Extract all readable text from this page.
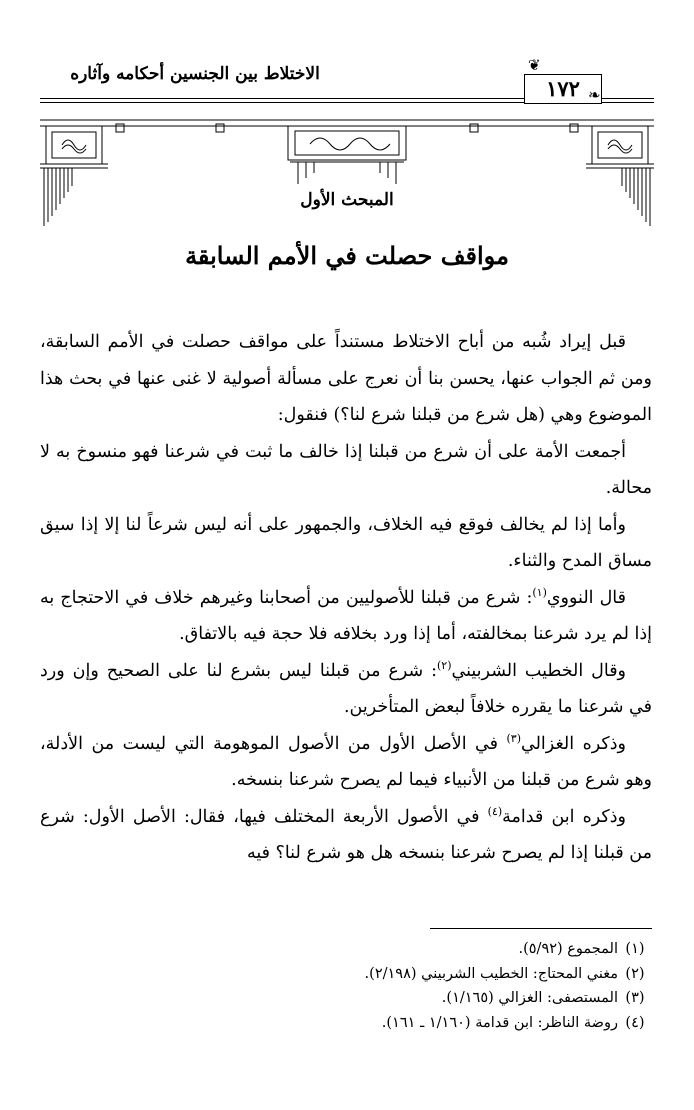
الاختلاط بين الجنسين أحكامه وآثاره	❦
١٧٢ ❧
المبحث الأول
مواقف حصلت في الأمم السابقة

قبل إيراد شُبه من أباح الاختلاط مستنداً على مواقف حصلت في الأمم السابقة، ومن ثم الجواب عنها، يحسن بنا أن نعرج على مسألة أصولية لا غنى عنها في بحث هذا الموضوع وهي (هل شرع من قبلنا شرع لنا؟) فنقول:

أجمعت الأمة على أن شرع من قبلنا إذا خالف ما ثبت في شرعنا فهو منسوخ به لا محالة.

وأما إذا لم يخالف فوقع فيه الخلاف، والجمهور على أنه ليس شرعاً لنا إلا إذا سيق مساق المدح والثناء.

قال النووي$^{(١)}$: شرع من قبلنا للأصوليين من أصحابنا وغيرهم خلاف في الاحتجاج به إذا لم يرد شرعنا بمخالفته، أما إذا ورد بخلافه فلا حجة فيه بالاتفاق.

وقال الخطيب الشربيني$^{(٢)}$: شرع من قبلنا ليس بشرع لنا على الصحيح وإن ورد في شرعنا ما يقرره خلافاً لبعض المتأخرين.

وذكره الغزالي$^{(٣)}$ في الأصل الأول من الأصول الموهومة التي ليست من الأدلة، وهو شرع من قبلنا من الأنبياء فيما لم يصرح شرعنا بنسخه.

وذكره ابن قدامة$^{(٤)}$ في الأصول الأربعة المختلف فيها، فقال: الأصل الأول: شرع من قبلنا إذا لم يصرح شرعنا بنسخه هل هو شرع لنا؟ فيه

(١)المجموع (٥/٩٢).
(٢)مغني المحتاج: الخطيب الشربيني (٢/١٩٨).
(٣)المستصفى: الغزالي (١/١٦٥).
(٤)روضة الناظر: ابن قدامة (١/١٦٠ ـ ١٦١).
